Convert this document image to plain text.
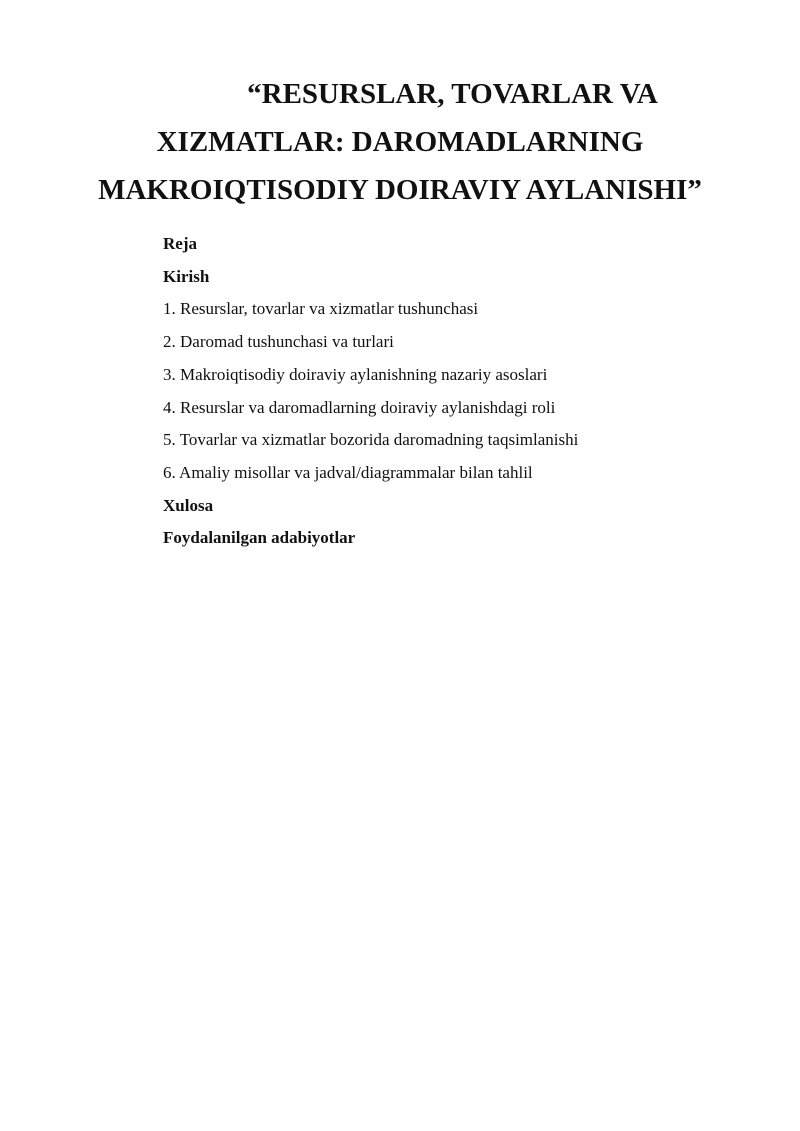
“RESURSLAR, TOVARLAR VA
XIZMATLAR: DAROMADLARNING
MAKROIQTISODIY DOIRAVIY AYLANISHI”
Reja
Kirish
1. Resurslar, tovarlar va xizmatlar tushunchasi
2. Daromad tushunchasi va turlari
3. Makroiqtisodiy doiraviy aylanishning nazariy asoslari
4. Resurslar va daromadlarning doiraviy aylanishdagi roli
5. Tovarlar va xizmatlar bozorida daromadning taqsimlanishi
6. Amaliy misollar va jadval/diagrammalar bilan tahlil
Xulosa
Foydalanilgan adabiyotlar
